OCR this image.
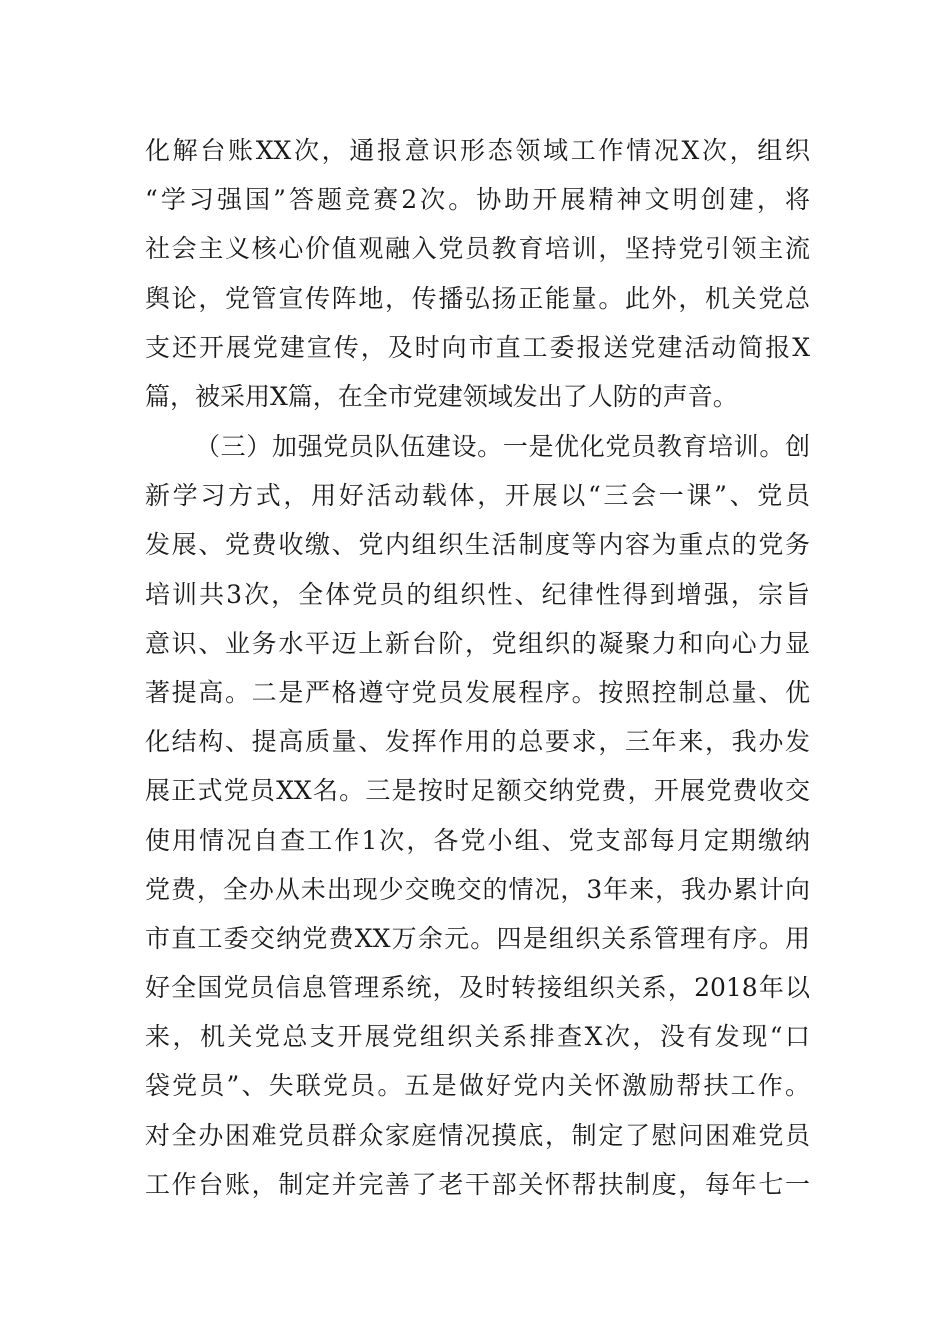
化解台账XX次，通报意识形态领域工作情况X次，组织
“学习强国”答题竞赛2次。协助开展精神文明创建，将
社会主义核心价值观融入党员教育培训，坚持党引领主流
舆论，党管宣传阵地，传播弘扬正能量。此外，机关党总
支还开展党建宣传，及时向市直工委报送党建活动简报X
篇，被采用X篇，在全市党建领域发出了人防的声音。
（三）加强党员队伍建设。一是优化党员教育培训。创
新学习方式，用好活动载体，开展以“三会一课”、党员
发展、党费收缴、党内组织生活制度等内容为重点的党务
培训共3次，全体党员的组织性、纪律性得到增强，宗旨
意识、业务水平迈上新台阶，党组织的凝聚力和向心力显
著提高。二是严格遵守党员发展程序。按照控制总量、优
化结构、提高质量、发挥作用的总要求，三年来，我办发
展正式党员XX名。三是按时足额交纳党费，开展党费收交
使用情况自查工作1次，各党小组、党支部每月定期缴纳
党费，全办从未出现少交晚交的情况，3年来，我办累计向
市直工委交纳党费XX万余元。四是组织关系管理有序。用
好全国党员信息管理系统，及时转接组织关系，2018年以
来，机关党总支开展党组织关系排查X次，没有发现“口
袋党员”、失联党员。五是做好党内关怀激励帮扶工作。
对全办困难党员群众家庭情况摸底，制定了慰问困难党员
工作台账，制定并完善了老干部关怀帮扶制度，每年七一
